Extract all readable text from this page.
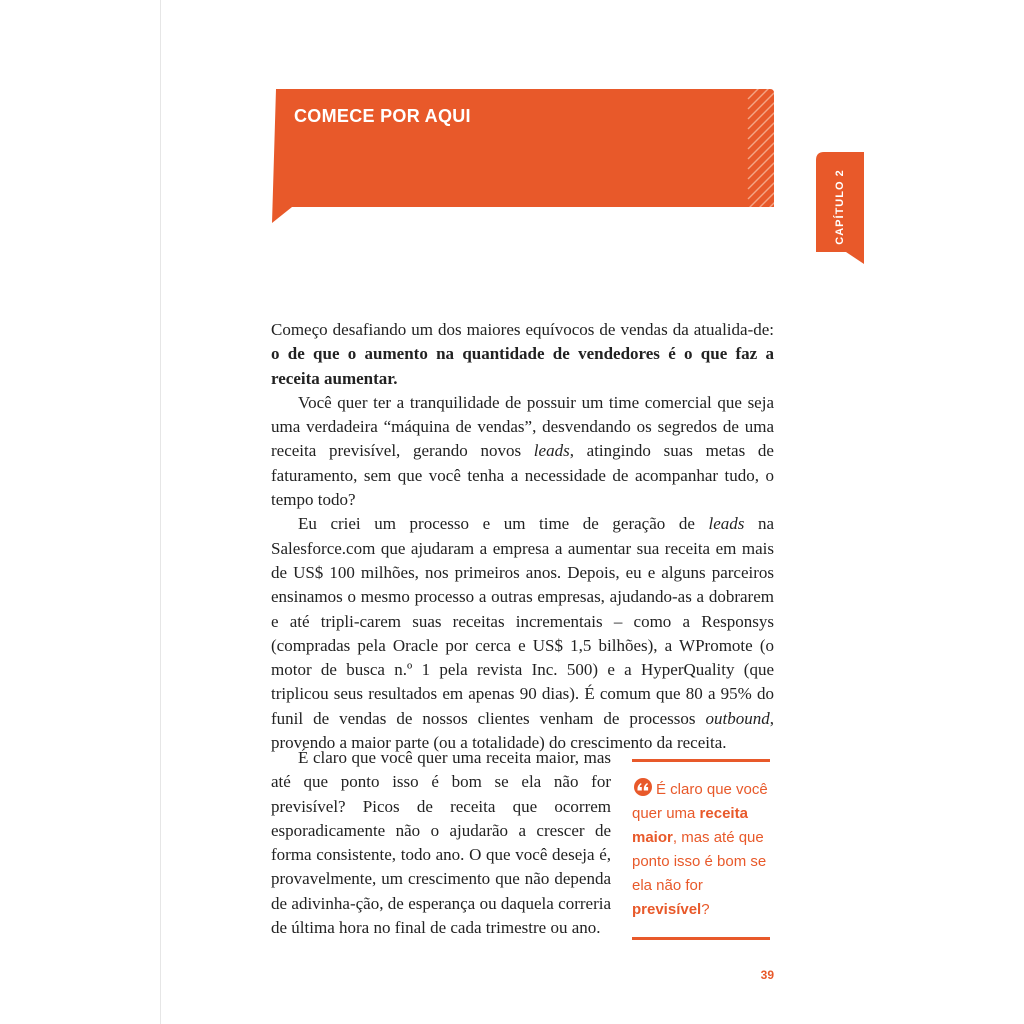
COMECE POR AQUI
CAPÍTULO 2

Começo desafiando um dos maiores equívocos de vendas da atualida-de: o de que o aumento na quantidade de vendedores é o que faz a receita aumentar.

Você quer ter a tranquilidade de possuir um time comercial que seja uma verdadeira “máquina de vendas”, desvendando os segredos de uma receita previsível, gerando novos leads, atingindo suas metas de faturamento, sem que você tenha a necessidade de acompanhar tudo, o tempo todo?

Eu criei um processo e um time de geração de leads na Salesforce.com que ajudaram a empresa a aumentar sua receita em mais de US$ 100 milhões, nos primeiros anos. Depois, eu e alguns parceiros ensinamos o mesmo processo a outras empresas, ajudando-as a dobrarem e até tripli-carem suas receitas incrementais – como a Responsys (compradas pela Oracle por cerca e US$ 1,5 bilhões), a WPromote (o motor de busca n.º 1 pela revista Inc. 500) e a HyperQuality (que triplicou seus resultados em apenas 90 dias). É comum que 80 a 95% do funil de vendas de nossos clientes venham de processos outbound, provendo a maior parte (ou a totalidade) do crescimento da receita.

É claro que você quer uma receita maior, mas até que ponto isso é bom se ela não for previsível? Picos de receita que ocorrem esporadicamente não o ajudarão a crescer de forma consistente, todo ano. O que você deseja é, provavelmente, um crescimento que não dependa de adivinha-ção, de esperança ou daquela correria de última hora no final de cada trimestre ou ano.

É claro que você quer uma receita maior, mas até que ponto isso é bom se ela não for previsível?
39
